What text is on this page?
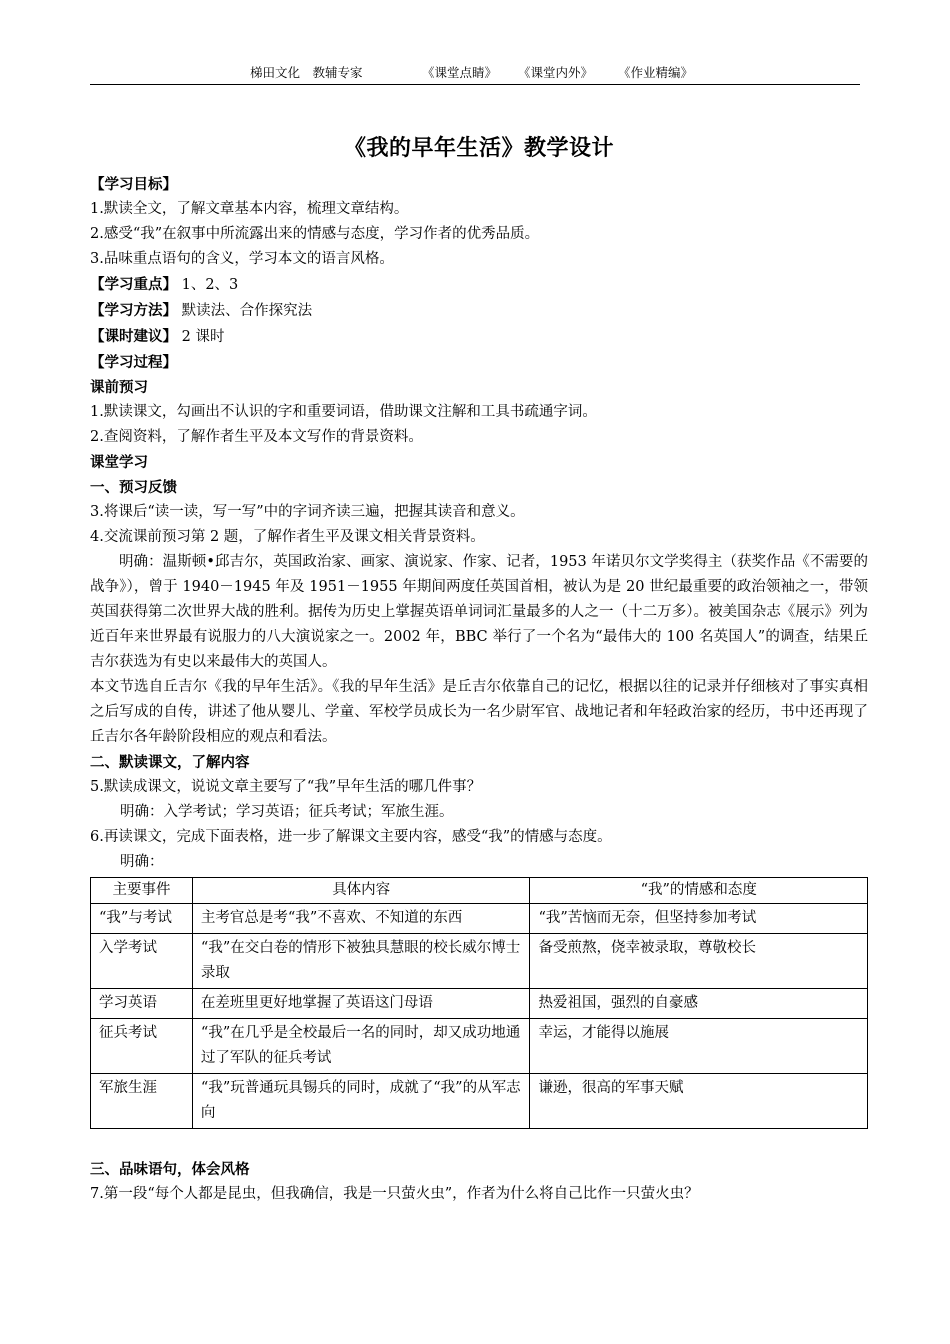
梯田文化　教辅专家	《课堂点睛》 《课堂内外》 《作业精编》
《我的早年生活》教学设计
【学习目标】
1.默读全文，了解文章基本内容，梳理文章结构。
2.感受“我”在叙事中所流露出来的情感与态度，学习作者的优秀品质。
3.品味重点语句的含义，学习本文的语言风格。
【学习重点】 1、2、3
【学习方法】 默读法、合作探究法
【课时建议】 2 课时
【学习过程】
课前预习
1.默读课文，勾画出不认识的字和重要词语，借助课文注解和工具书疏通字词。
2.查阅资料，了解作者生平及本文写作的背景资料。
课堂学习
一、预习反馈
3.将课后“读一读，写一写”中的字词齐读三遍，把握其读音和意义。
4.交流课前预习第 2 题，了解作者生平及课文相关背景资料。
明确：温斯顿•邱吉尔，英国政治家、画家、演说家、作家、记者，1953 年诺贝尔文学奖得主（获奖作品《不需要的战争》），曾于 1940－1945 年及 1951－1955 年期间两度任英国首相，被认为是 20 世纪最重要的政治领袖之一，带领英国获得第二次世界大战的胜利。据传为历史上掌握英语单词词汇量最多的人之一（十二万多）。被美国杂志《展示》列为近百年来世界最有说服力的八大演说家之一。2002 年，BBC 举行了一个名为“最伟大的 100 名英国人”的调查，结果丘吉尔获选为有史以来最伟大的英国人。
本文节选自丘吉尔《我的早年生活》。《我的早年生活》是丘吉尔依靠自己的记忆，根据以往的记录并仔细核对了事实真相之后写成的自传，讲述了他从婴儿、学童、军校学员成长为一名少尉军官、战地记者和年轻政治家的经历，书中还再现了丘吉尔各年龄阶段相应的观点和看法。
二、默读课文，了解内容
5.默读成课文，说说文章主要写了“我”早年生活的哪几件事？
明确：入学考试；学习英语；征兵考试；军旅生涯。
6.再读课文，完成下面表格，进一步了解课文主要内容，感受“我”的情感与态度。
明确：
主要事件	具体内容	“我”的情感和态度
“我”与考试	主考官总是考“我”不喜欢、不知道的东西	“我”苦恼而无奈，但坚持参加考试
入学考试	“我”在交白卷的情形下被独具慧眼的校长威尔博士录取	备受煎熬，侥幸被录取，尊敬校长
学习英语	在差班里更好地掌握了英语这门母语	热爱祖国，强烈的自豪感
征兵考试	“我”在几乎是全校最后一名的同时，却又成功地通过了军队的征兵考试	幸运，才能得以施展
军旅生涯	“我”玩普通玩具锡兵的同时，成就了“我”的从军志向	谦逊，很高的军事天赋
三、品味语句，体会风格
7.第一段“每个人都是昆虫，但我确信，我是一只萤火虫”，作者为什么将自己比作一只萤火虫？
